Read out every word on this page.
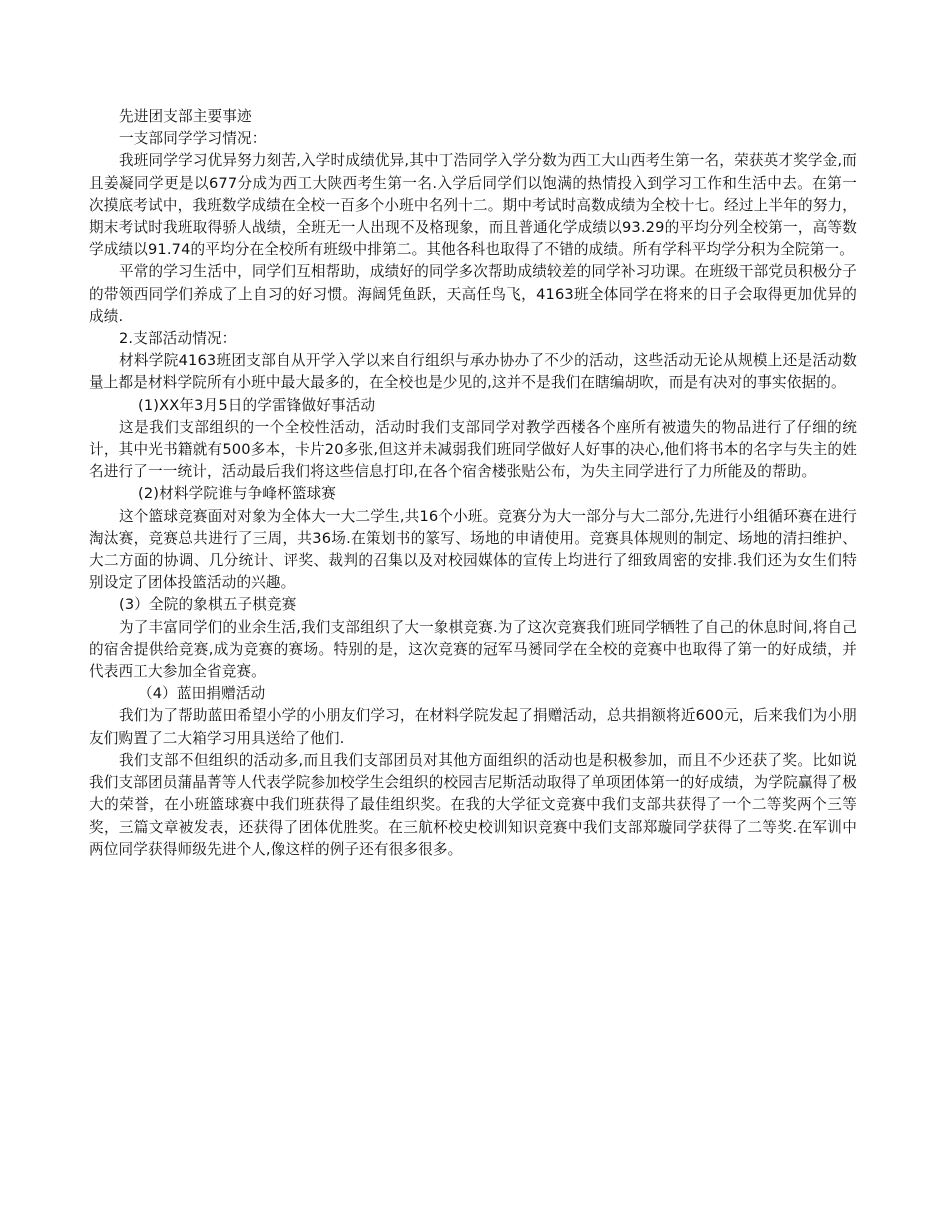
先进团支部主要事迹

一支部同学学习情况：

我班同学学习优异努力刻苦,入学时成绩优异,其中丁浩同学入学分数为西工大山西考生第一名，荣获英才奖学金,而且姜凝同学更是以677分成为西工大陕西考生第一名.入学后同学们以饱满的热情投入到学习工作和生活中去。在第一次摸底考试中，我班数学成绩在全校一百多个小班中名列十二。期中考试时高数成绩为全校十七。经过上半年的努力，期末考试时我班取得骄人战绩，全班无一人出现不及格现象，而且普通化学成绩以93.29的平均分列全校第一，高等数学成绩以91.74的平均分在全校所有班级中排第二。其他各科也取得了不错的成绩。所有学科平均学分积为全院第一。

平常的学习生活中，同学们互相帮助，成绩好的同学多次帮助成绩较差的同学补习功课。在班级干部党员积极分子的带领西同学们养成了上自习的好习惯。海阔凭鱼跃，天高任鸟飞，4163班全体同学在将来的日子会取得更加优异的成绩.

2.支部活动情况：

材料学院4163班团支部自从开学入学以来自行组织与承办协办了不少的活动，这些活动无论从规模上还是活动数量上都是材料学院所有小班中最大最多的，在全校也是少见的,这并不是我们在瞎编胡吹，而是有决对的事实依据的。

(1)XX年3月5日的学雷锋做好事活动

这是我们支部组织的一个全校性活动，活动时我们支部同学对教学西楼各个座所有被遗失的物品进行了仔细的统计，其中光书籍就有500多本，卡片20多张,但这并未减弱我们班同学做好人好事的决心,他们将书本的名字与失主的姓名进行了一一统计，活动最后我们将这些信息打印,在各个宿舍楼张贴公布，为失主同学进行了力所能及的帮助。

(2)材料学院谁与争峰杯篮球赛

这个篮球竞赛面对对象为全体大一大二学生,共16个小班。竞赛分为大一部分与大二部分,先进行小组循环赛在进行淘汰赛，竞赛总共进行了三周，共36场.在策划书的篆写、场地的申请使用。竞赛具体规则的制定、场地的清扫维护、大二方面的协调、几分统计、评奖、裁判的召集以及对校园媒体的宣传上均进行了细致周密的安排.我们还为女生们特别设定了团体投篮活动的兴趣。

(3）全院的象棋五子棋竞赛

为了丰富同学们的业余生活,我们支部组织了大一象棋竞赛.为了这次竞赛我们班同学牺牲了自己的休息时间,将自己的宿舍提供给竞赛,成为竞赛的赛场。特别的是，这次竞赛的冠军马赟同学在全校的竞赛中也取得了第一的好成绩，并代表西工大参加全省竞赛。

（4）蓝田捐赠活动

我们为了帮助蓝田希望小学的小朋友们学习，在材料学院发起了捐赠活动，总共捐额将近600元，后来我们为小朋友们购置了二大箱学习用具送给了他们.

我们支部不但组织的活动多,而且我们支部团员对其他方面组织的活动也是积极参加，而且不少还获了奖。比如说我们支部团员蒲晶菁等人代表学院参加校学生会组织的校园吉尼斯活动取得了单项团体第一的好成绩，为学院赢得了极大的荣誉，在小班篮球赛中我们班获得了最佳组织奖。在我的大学征文竞赛中我们支部共获得了一个二等奖两个三等奖，三篇文章被发表，还获得了团体优胜奖。在三航杯校史校训知识竞赛中我们支部郑璇同学获得了二等奖.在军训中两位同学获得师级先进个人,像这样的例子还有很多很多。
